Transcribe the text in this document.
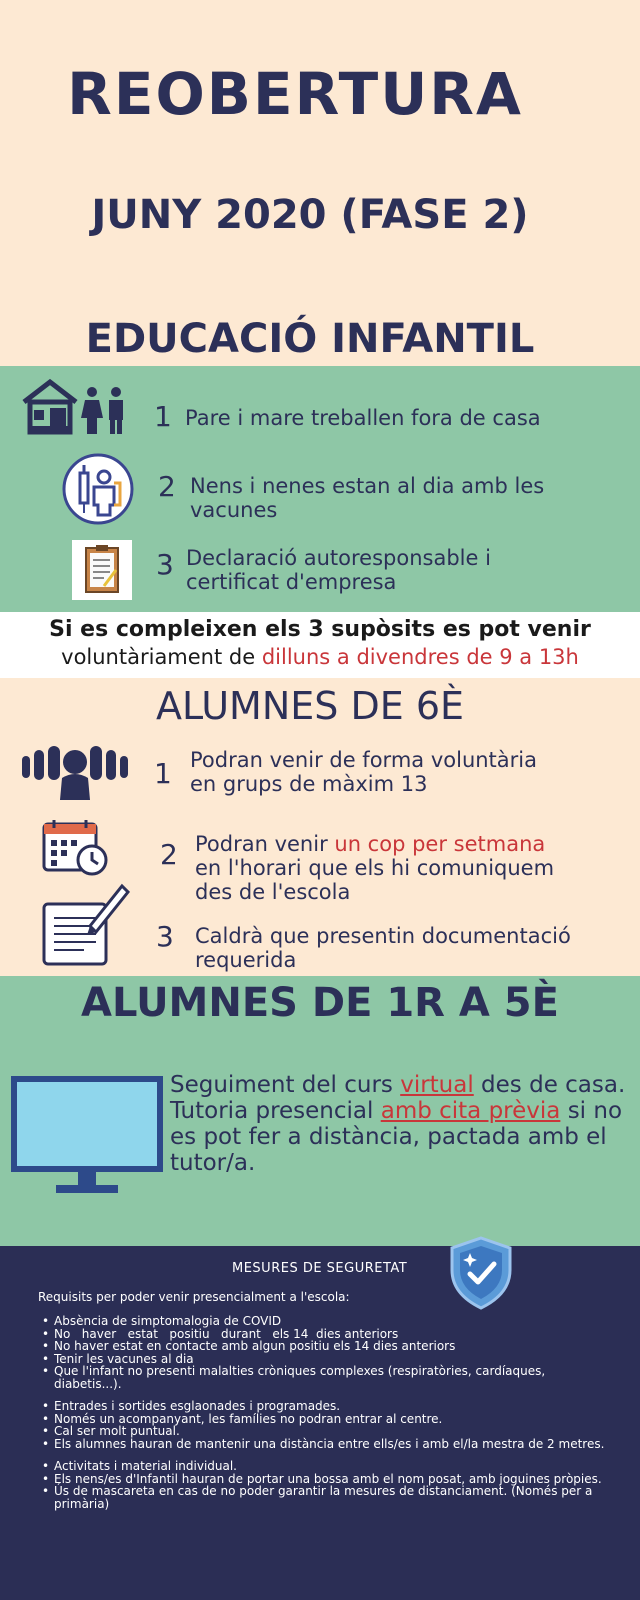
REOBERTURA
JUNY 2020 (FASE 2)
EDUCACIÓ INFANTIL
1 Pare i mare treballen fora de casa
2 Nens i nenes estan al dia amb les
vacunes
3 Declaració autoresponsable i
certificat d'empresa
Si es compleixen els 3 supòsits es pot venir
voluntàriament de dilluns a divendres de 9 a 13h
ALUMNES DE 6È
1 Podran venir de forma voluntària
en grups de màxim 13
2 Podran venir un cop per setmana
en l'horari que els hi comuniquem
des de l'escola
3 Caldrà que presentin documentació
requerida
ALUMNES DE 1R A 5È
Seguiment del curs virtual des de casa.
Tutoria presencial amb cita prèvia si no es pot fer a distància, pactada amb el tutor/a.
MESURES DE SEGURETAT
Requisits per poder venir presencialment a l'escola:
• Absència de simptomalogia de COVID
• No   haver   estat   positiu   durant   els 14  dies anteriors
• No haver estat en contacte amb algun positiu els 14 dies anteriors
• Tenir les vacunes al dia
• Que l'infant no presenti malalties cròniques complexes (respiratòries, cardíaques, diabetis...).
• Entrades i sortides esglaonades i programades.
• Només un acompanyant, les famílies no podran entrar al centre.
• Cal ser molt puntual.
• Els alumnes hauran de mantenir una distància entre ells/es i amb el/la mestra de 2 metres.
• Activitats i material individual.
• Els nens/es d'Infantil hauran de portar una bossa amb el nom posat, amb joguines pròpies.
• Ús de mascareta en cas de no poder garantir la mesures de distanciament. (Només per a primària)
